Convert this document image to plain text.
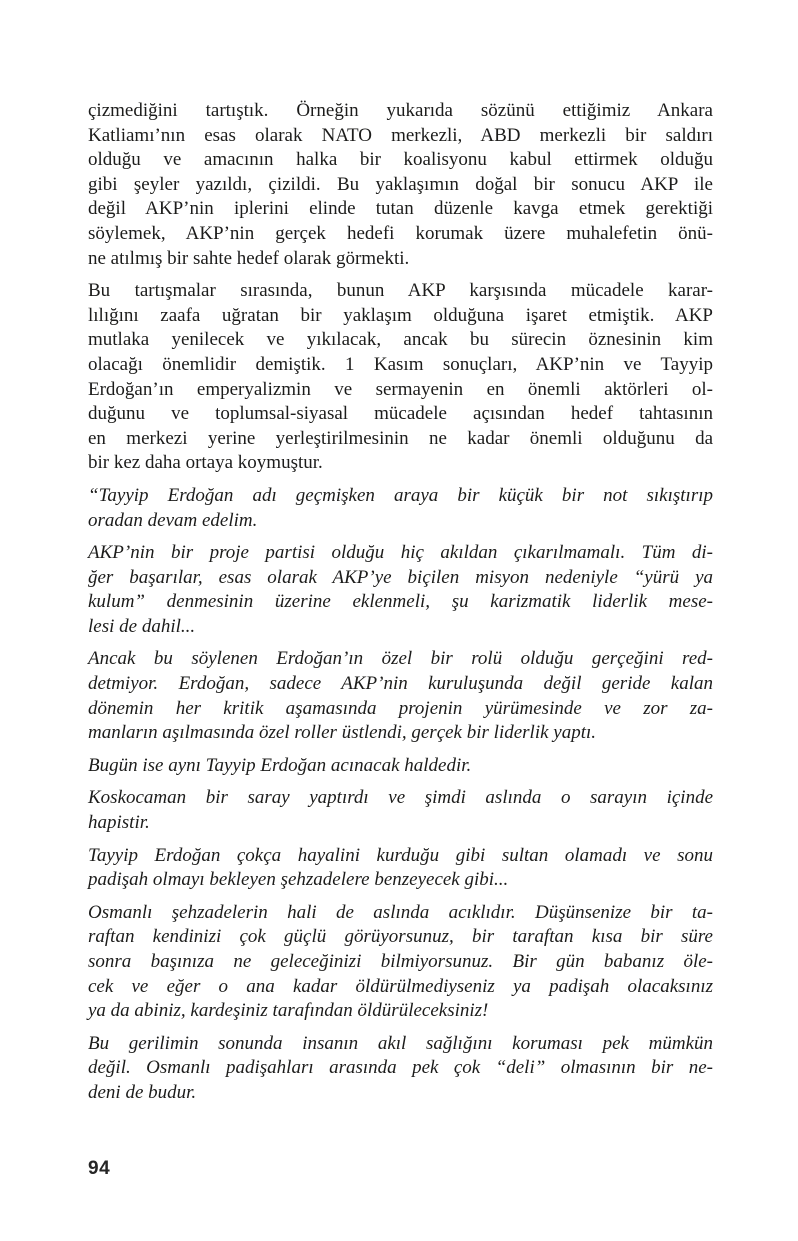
çizmediğini tartıştık. Örneğin yukarıda sözünü ettiğimiz Ankara
Katliamı’nın esas olarak NATO merkezli, ABD merkezli bir saldırı
olduğu ve amacının halka bir koalisyonu kabul ettirmek olduğu
gibi şeyler yazıldı, çizildi. Bu yaklaşımın doğal bir sonucu AKP ile
değil AKP’nin iplerini elinde tutan düzenle kavga etmek gerektiği
söylemek, AKP’nin gerçek hedefi korumak üzere muhalefetin önü-
ne atılmış bir sahte hedef olarak görmekti.
Bu tartışmalar sırasında, bunun AKP karşısında mücadele karar-
lılığını zaafa uğratan bir yaklaşım olduğuna işaret etmiştik. AKP
mutlaka yenilecek ve yıkılacak, ancak bu sürecin öznesinin kim
olacağı önemlidir demiştik. 1 Kasım sonuçları, AKP’nin ve Tayyip
Erdoğan’ın emperyalizmin ve sermayenin en önemli aktörleri ol-
duğunu ve toplumsal-siyasal mücadele açısından hedef tahtasının
en merkezi yerine yerleştirilmesinin ne kadar önemli olduğunu da
bir kez daha ortaya koymuştur.
“Tayyip Erdoğan adı geçmişken araya bir küçük bir not sıkıştırıp
oradan devam edelim.
AKP’nin bir proje partisi olduğu hiç akıldan çıkarılmamalı. Tüm di-
ğer başarılar, esas olarak AKP’ye biçilen misyon nedeniyle “yürü ya
kulum” denmesinin üzerine eklenmeli, şu karizmatik liderlik mese-
lesi de dahil...
Ancak bu söylenen Erdoğan’ın özel bir rolü olduğu gerçeğini red-
detmiyor. Erdoğan, sadece AKP’nin kuruluşunda değil geride kalan
dönemin her kritik aşamasında projenin yürümesinde ve zor za-
manların aşılmasında özel roller üstlendi, gerçek bir liderlik yaptı.
Bugün ise aynı Tayyip Erdoğan acınacak haldedir.
Koskocaman bir saray yaptırdı ve şimdi aslında o sarayın içinde
hapistir.
Tayyip Erdoğan çokça hayalini kurduğu gibi sultan olamadı ve sonu
padişah olmayı bekleyen şehzadelere benzeyecek gibi...
Osmanlı şehzadelerin hali de aslında acıklıdır. Düşünsenize bir ta-
raftan kendinizi çok güçlü görüyorsunuz, bir taraftan kısa bir süre
sonra başınıza ne geleceğinizi bilmiyorsunuz. Bir gün babanız öle-
cek ve eğer o ana kadar öldürülmediyseniz ya padişah olacaksınız
ya da abiniz, kardeşiniz tarafından öldürüleceksiniz!
Bu gerilimin sonunda insanın akıl sağlığını koruması pek mümkün
değil. Osmanlı padişahları arasında pek çok “deli” olmasının bir ne-
deni de budur.
94
